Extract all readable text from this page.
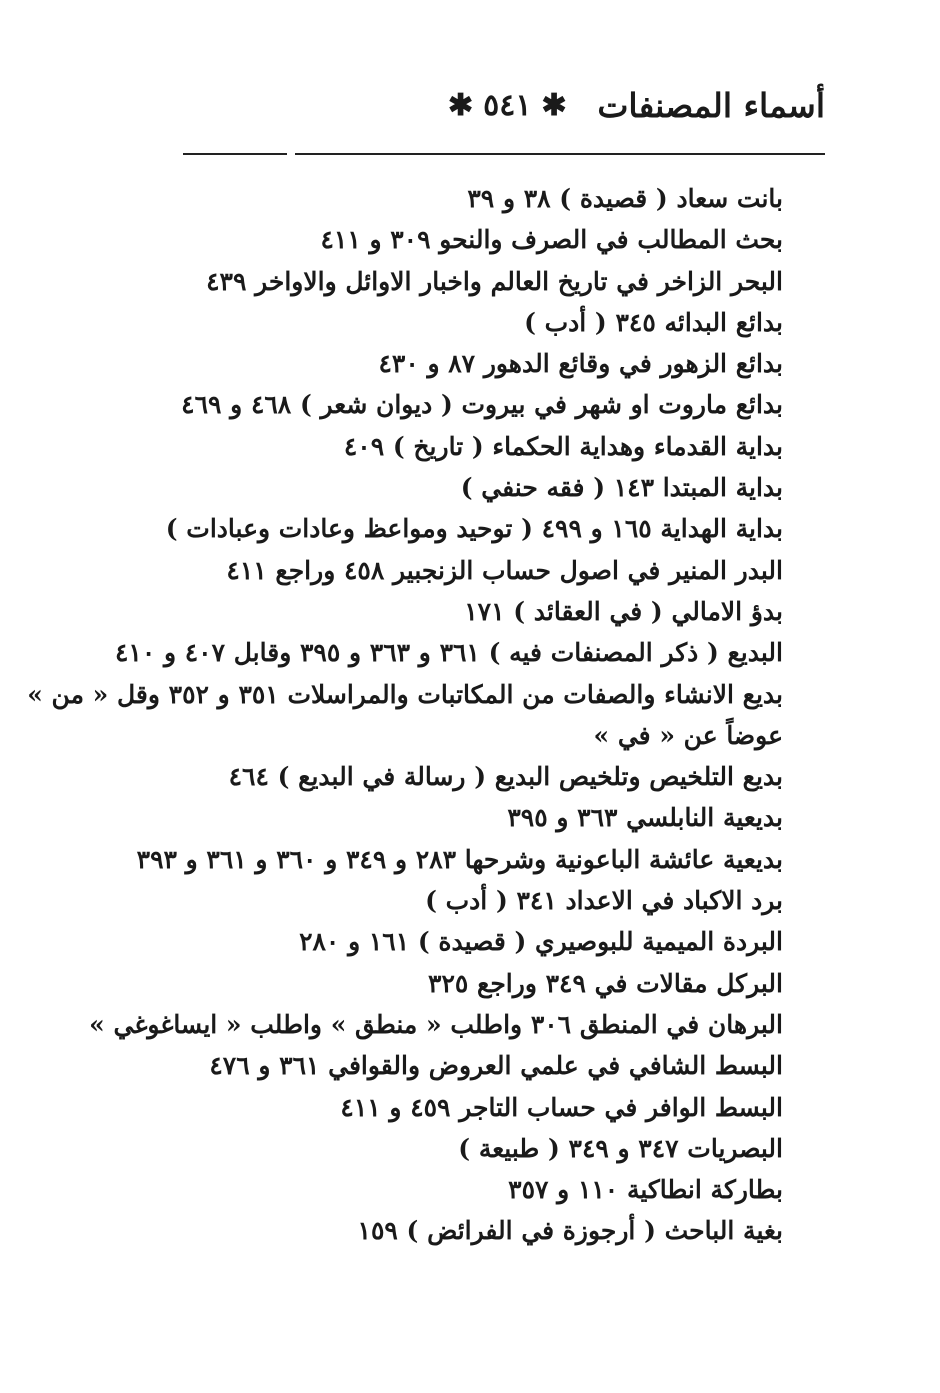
✱ ٥٤١ ✱ أسماء المصنفات
بانت سعاد ( قصيدة ) ٣٨ و ٣٩
بحث المطالب في الصرف والنحو ٣٠٩ و ٤١١
البحر الزاخر في تاريخ العالم واخبار الاوائل والاواخر ٤٣٩
بدائع البدائه ٣٤٥ ( أدب )
بدائع الزهور في وقائع الدهور ٨٧ و ٤٣٠
بدائع ماروت او شهر في بيروت ( ديوان شعر ) ٤٦٨ و ٤٦٩
بداية القدماء وهداية الحكماء ( تاريخ ) ٤٠٩
بداية المبتدا ١٤٣ ( فقه حنفي )
بداية الهداية ١٦٥ و ٤٩٩ ( توحيد ومواعظ وعادات وعبادات )
البدر المنير في اصول حساب الزنجبير ٤٥٨ وراجع ٤١١
بدؤ الامالي ( في العقائد ) ١٧١
البديع ( ذكر المصنفات فيه ) ٣٦١ و ٣٦٣ و ٣٩٥ وقابل ٤٠٧ و ٤١٠
بديع الانشاء والصفات من المكاتبات والمراسلات ٣٥١ و ٣٥٢ وقل « من »
عوضاً عن « في »
بديع التلخيص وتلخيص البديع ( رسالة في البديع ) ٤٦٤
بديعية النابلسي ٣٦٣ و ٣٩٥
بديعية عائشة الباعونية وشرحها ٢٨٣ و ٣٤٩ و ٣٦٠ و ٣٦١ و ٣٩٣
برد الاكباد في الاعداد ٣٤١ ( أدب )
البردة الميمية للبوصيري ( قصيدة ) ١٦١ و ٢٨٠
البركل مقالات في ٣٤٩ وراجع ٣٢٥
البرهان في المنطق ٣٠٦ واطلب « منطق » واطلب « ايساغوغي »
البسط الشافي في علمي العروض والقوافي ٣٦١ و ٤٧٦
البسط الوافر في حساب التاجر ٤٥٩ و ٤١١
البصريات ٣٤٧ و ٣٤٩ ( طبيعة )
بطاركة انطاكية ١١٠ و ٣٥٧
بغية الباحث ( أرجوزة في الفرائض ) ١٥٩
